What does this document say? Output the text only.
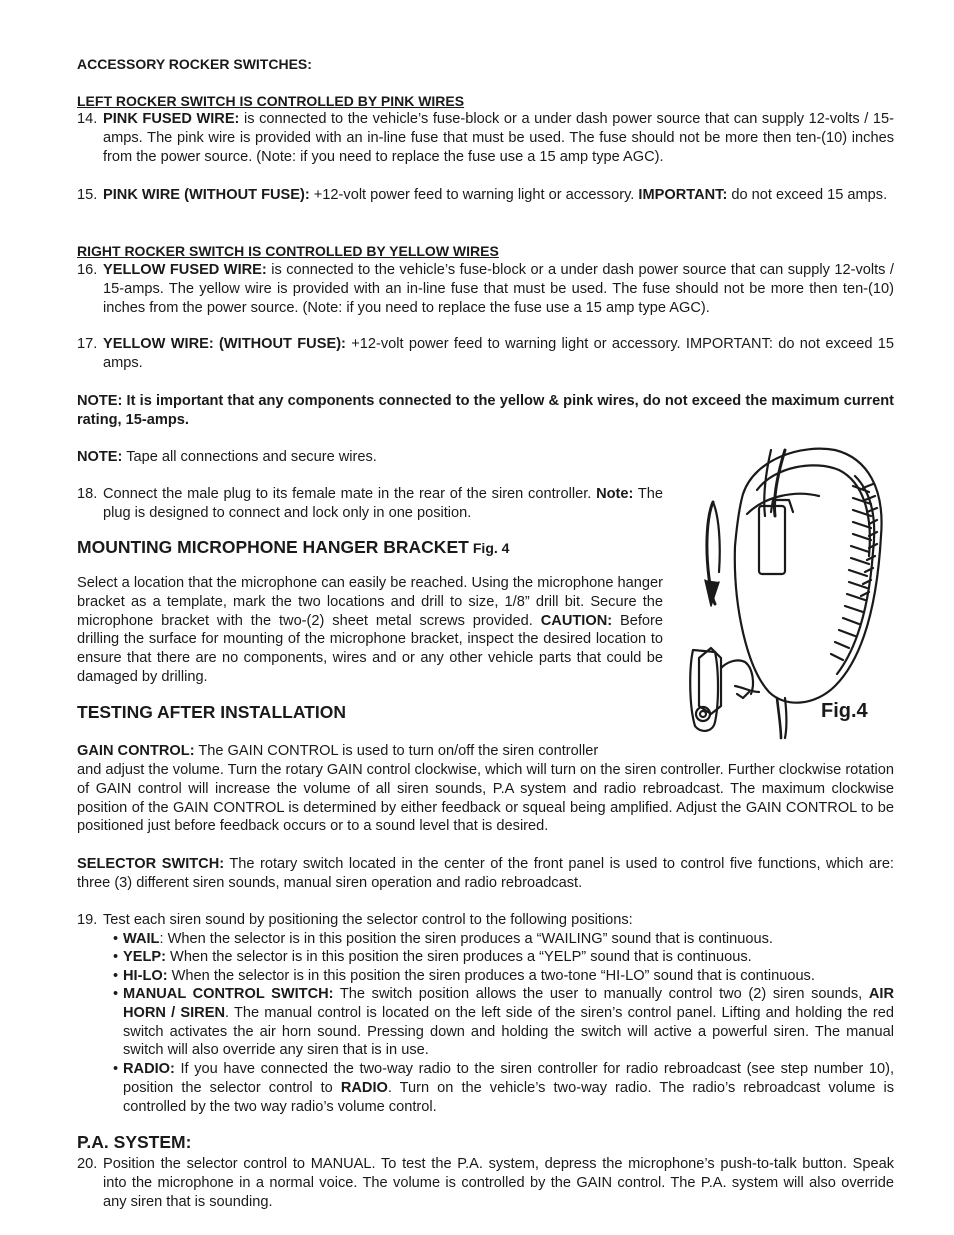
ACCESSORY ROCKER SWITCHES:
LEFT ROCKER SWITCH IS CONTROLLED BY PINK WIRES
14. PINK FUSED WIRE: is connected to the vehicle’s fuse-block or a under dash power source that can supply 12-volts / 15-amps. The pink wire is provided with an in-line fuse that must be used. The fuse should not be more then ten-(10) inches from the power source. (Note: if you need to replace the fuse use a 15 amp type AGC).
15. PINK WIRE (WITHOUT FUSE): +12-volt power feed to warning light or accessory. IMPORTANT: do not exceed 15 amps.
RIGHT ROCKER SWITCH IS CONTROLLED BY YELLOW WIRES
16. YELLOW FUSED WIRE: is connected to the vehicle’s fuse-block or a under dash power source that can supply 12-volts / 15-amps. The yellow wire is provided with an in-line fuse that must be used. The fuse should not be more then ten-(10) inches from the power source. (Note: if you need to replace the fuse use a 15 amp type AGC).
17. YELLOW WIRE: (WITHOUT FUSE): +12-volt power feed to warning light or accessory. IMPORTANT: do not exceed 15 amps.
NOTE: It is important that any components connected to the yellow & pink wires, do not exceed the maximum current rating, 15-amps.
NOTE: Tape all connections and secure wires.
18. Connect the male plug to its female mate in the rear of the siren controller. Note: The plug is designed to connect and lock only in one position.
MOUNTING MICROPHONE HANGER BRACKET Fig. 4
Select a location that the microphone can easily be reached. Using the microphone hanger bracket as a template, mark the two locations and drill to size, 1/8” drill bit. Secure the microphone bracket with the two-(2) sheet metal screws provided. CAUTION: Before drilling the surface for mounting of the microphone bracket, inspect the desired location to ensure that there are no components, wires and or any other vehicle parts that could be damaged by drilling.
TESTING AFTER INSTALLATION	Fig.4
GAIN CONTROL: The GAIN CONTROL is used to turn on/off the siren controller
and adjust the volume. Turn the rotary GAIN control clockwise, which will turn on the siren controller. Further clockwise rotation of GAIN control will increase the volume of all siren sounds, P.A system and radio rebroadcast. The maximum clockwise position of the GAIN CONTROL is determined by either feedback or squeal being amplified. Adjust the GAIN CONTROL to be positioned just before feedback occurs or to a sound level that is desired.
SELECTOR SWITCH: The rotary switch located in the center of the front panel is used to control five functions, which are: three (3) different siren sounds, manual siren operation and radio rebroadcast.
19. Test each siren sound by positioning the selector control to the following positions:
• WAIL: When the selector is in this position the siren produces a “WAILING” sound that is continuous.
• YELP: When the selector is in this position the siren produces a “YELP” sound that is continuous.
• HI-LO: When the selector is in this position the siren produces a two-tone “HI-LO” sound that is continuous.
• MANUAL CONTROL SWITCH: The switch position allows the user to manually control two (2) siren sounds, AIR HORN / SIREN. The manual control is located on the left side of the siren’s control panel. Lifting and holding the red switch activates the air horn sound. Pressing down and holding the switch will active a powerful siren. The manual switch will also override any siren that is in use.
• RADIO: If you have connected the two-way radio to the siren controller for radio rebroadcast (see step number 10), position the selector control to RADIO. Turn on the vehicle’s two-way radio. The radio’s rebroadcast volume is controlled by the two way radio’s volume control.
P.A. SYSTEM:
20. Position the selector control to MANUAL. To test the P.A. system, depress the microphone’s push-to-talk button. Speak into the microphone in a normal voice. The volume is controlled by the GAIN control. The P.A. system will also override any siren that is sounding.
